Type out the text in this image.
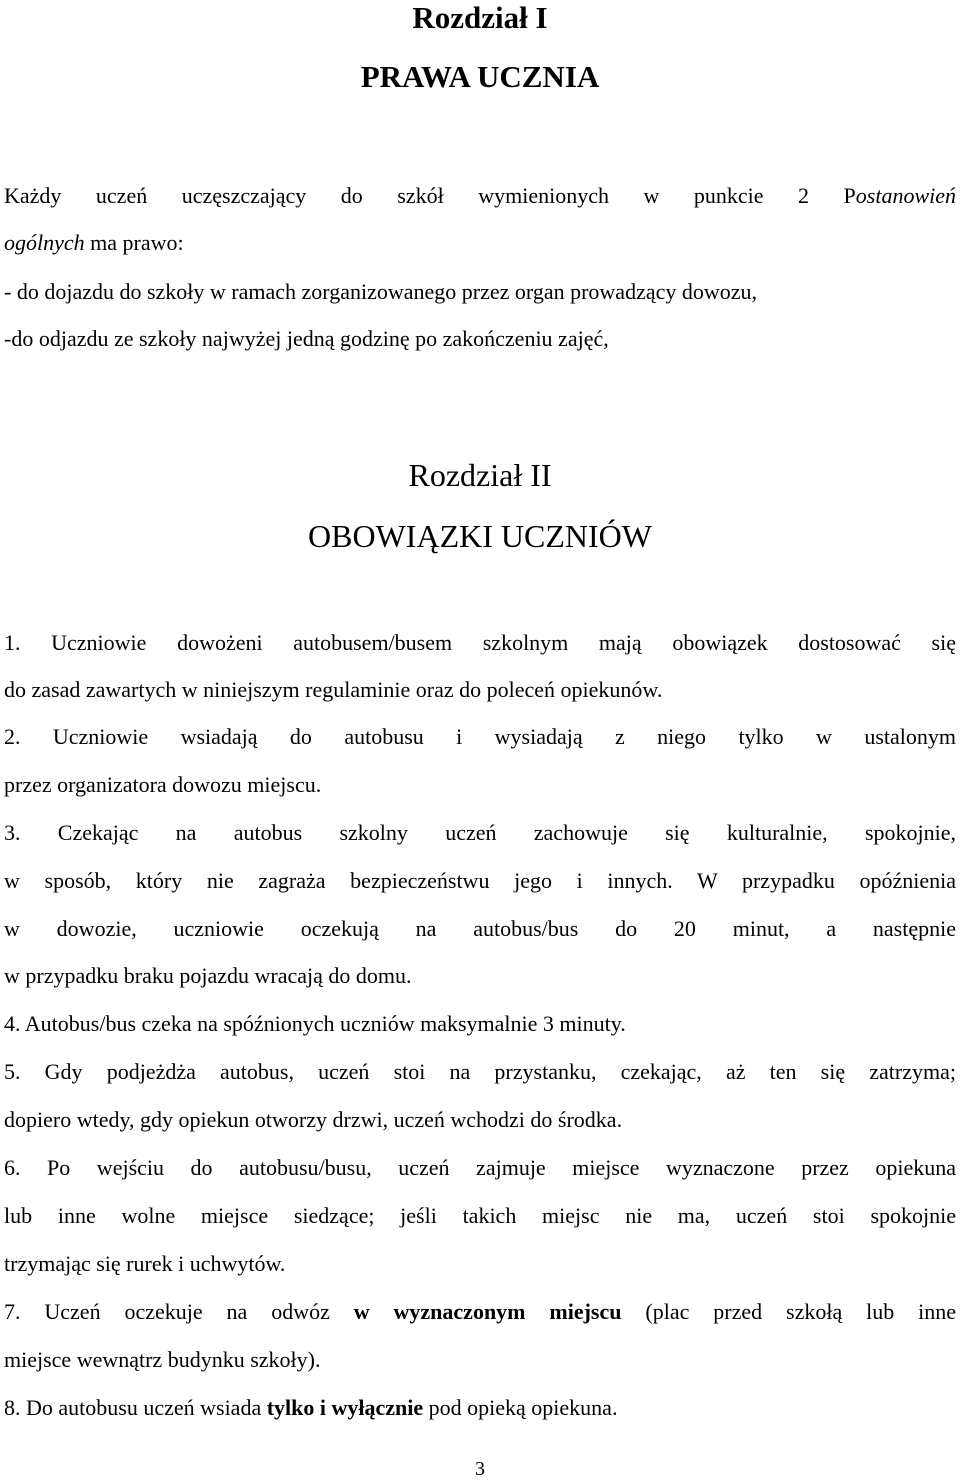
Rozdział I
PRAWA UCZNIA
Każdy uczeń uczęszczający do szkół wymienionych w punkcie 2 Postanowień
ogólnych ma prawo:
- do dojazdu do szkoły w ramach zorganizowanego przez organ prowadzący dowozu,
-do odjazdu ze szkoły najwyżej jedną godzinę po zakończeniu zajęć,
Rozdział II
OBOWIĄZKI UCZNIÓW
1. Uczniowie dowożeni autobusem/busem szkolnym mają obowiązek dostosować się
do zasad zawartych w niniejszym regulaminie oraz do poleceń opiekunów.
2. Uczniowie wsiadają do autobusu i wysiadają z niego tylko w ustalonym
przez organizatora dowozu miejscu.
3. Czekając na autobus szkolny uczeń zachowuje się kulturalnie, spokojnie,
w sposób, który nie zagraża bezpieczeństwu jego i innych. W przypadku opóźnienia
w dowozie, uczniowie oczekują na autobus/bus do 20 minut, a następnie
w przypadku braku pojazdu wracają do domu.
4. Autobus/bus czeka na spóźnionych uczniów maksymalnie 3 minuty.
5. Gdy podjeżdża autobus, uczeń stoi na przystanku, czekając, aż ten się zatrzyma;
dopiero wtedy, gdy opiekun otworzy drzwi, uczeń wchodzi do środka.
6. Po wejściu do autobusu/busu, uczeń zajmuje miejsce wyznaczone przez opiekuna
lub inne wolne miejsce siedzące; jeśli takich miejsc nie ma, uczeń stoi spokojnie
trzymając się rurek i uchwytów.
7. Uczeń oczekuje na odwóz w wyznaczonym miejscu (plac przed szkołą lub inne
miejsce wewnątrz budynku szkoły).
8. Do autobusu uczeń wsiada tylko i wyłącznie pod opieką opiekuna.
3
